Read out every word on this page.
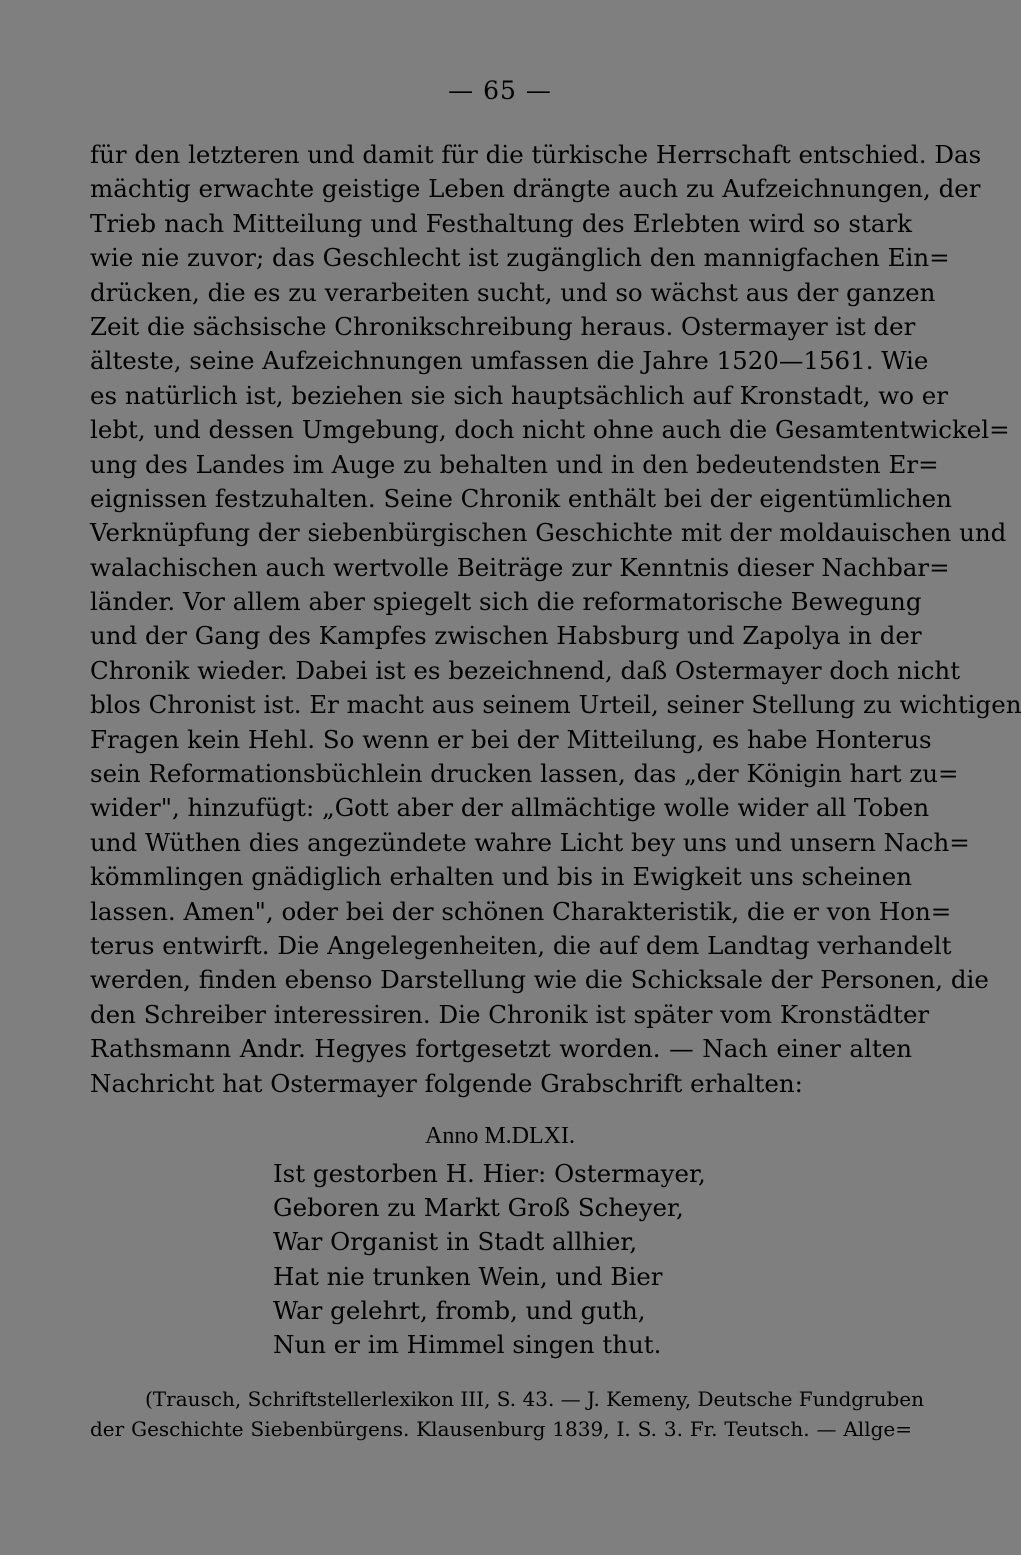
— 65 —
für den letzteren und damit für die türkische Herrschaft entschied. Das
mächtig erwachte geistige Leben drängte auch zu Aufzeichnungen, der
Trieb nach Mitteilung und Festhaltung des Erlebten wird so stark
wie nie zuvor; das Geschlecht ist zugänglich den mannigfachen Ein=
drücken, die es zu verarbeiten sucht, und so wächst aus der ganzen
Zeit die sächsische Chronikschreibung heraus. Ostermayer ist der
älteste, seine Aufzeichnungen umfassen die Jahre 1520—1561. Wie
es natürlich ist, beziehen sie sich hauptsächlich auf Kronstadt, wo er
lebt, und dessen Umgebung, doch nicht ohne auch die Gesamtentwickel=
ung des Landes im Auge zu behalten und in den bedeutendsten Er=
eignissen festzuhalten. Seine Chronik enthält bei der eigentümlichen
Verknüpfung der siebenbürgischen Geschichte mit der moldauischen und
walachischen auch wertvolle Beiträge zur Kenntnis dieser Nachbar=
länder. Vor allem aber spiegelt sich die reformatorische Bewegung
und der Gang des Kampfes zwischen Habsburg und Zapolya in der
Chronik wieder. Dabei ist es bezeichnend, daß Ostermayer doch nicht
blos Chronist ist. Er macht aus seinem Urteil, seiner Stellung zu wichtigen
Fragen kein Hehl. So wenn er bei der Mitteilung, es habe Honterus
sein Reformationsbüchlein drucken lassen, das „der Königin hart zu=
wider", hinzufügt: „Gott aber der allmächtige wolle wider all Toben
und Wüthen dies angezündete wahre Licht bey uns und unsern Nach=
kömmlingen gnädiglich erhalten und bis in Ewigkeit uns scheinen
lassen. Amen", oder bei der schönen Charakteristik, die er von Hon=
terus entwirft. Die Angelegenheiten, die auf dem Landtag verhandelt
werden, finden ebenso Darstellung wie die Schicksale der Personen, die
den Schreiber interessiren. Die Chronik ist später vom Kronstädter
Rathsmann Andr. Hegyes fortgesetzt worden. — Nach einer alten
Nachricht hat Ostermayer folgende Grabschrift erhalten:
Anno M.DLXI.
Ist gestorben H. Hier: Ostermayer,
Geboren zu Markt Groß Scheyer,
War Organist in Stadt allhier,
Hat nie trunken Wein, und Bier
War gelehrt, fromb, und guth,
Nun er im Himmel singen thut.
(Trausch, Schriftstellerlexikon III, S. 43. — J. Kemeny, Deutsche Fundgruben
der Geschichte Siebenbürgens. Klausenburg 1839, I. S. 3. Fr. Teutsch. — Allge=
